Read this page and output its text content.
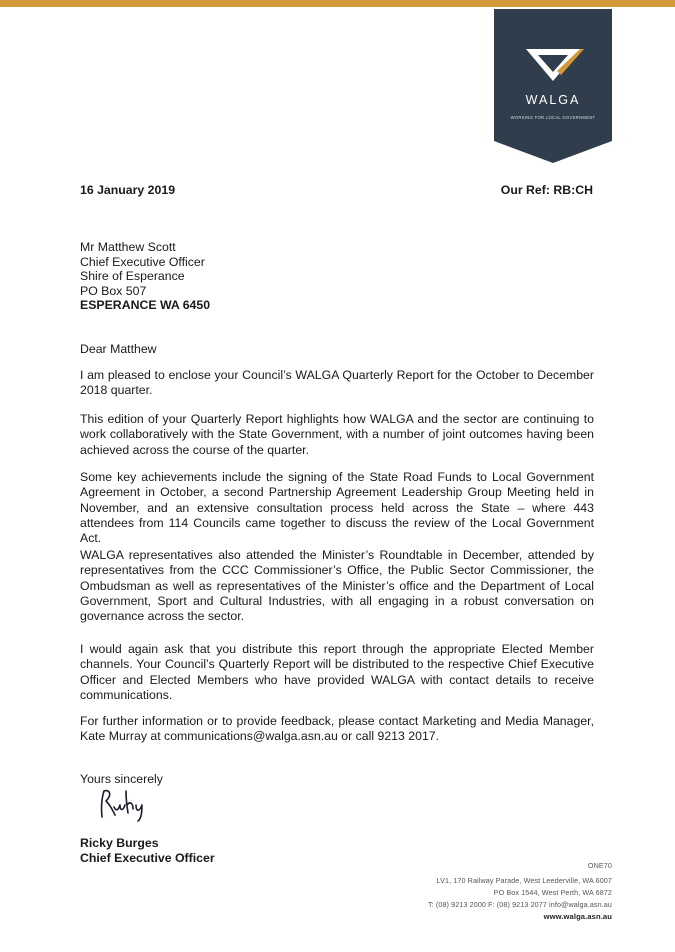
WALGA
WORKING FOR LOCAL GOVERNMENT
16 January 2019	Our Ref: RB:CH
Mr Matthew Scott
Chief Executive Officer
Shire of Esperance
PO Box 507
ESPERANCE WA 6450

Dear Matthew

I am pleased to enclose your Council’s WALGA Quarterly Report for the October to December 2018 quarter.

This edition of your Quarterly Report highlights how WALGA and the sector are continuing to work collaboratively with the State Government, with a number of joint outcomes having been achieved across the course of the quarter.

Some key achievements include the signing of the State Road Funds to Local Government Agreement in October, a second Partnership Agreement Leadership Group Meeting held in November, and an extensive consultation process held across the State – where 443 attendees from 114 Councils came together to discuss the review of the Local Government Act.

WALGA representatives also attended the Minister’s Roundtable in December, attended by representatives from the CCC Commissioner’s Office, the Public Sector Commissioner, the Ombudsman as well as representatives of the Minister’s office and the Department of Local Government, Sport and Cultural Industries, with all engaging in a robust conversation on governance across the sector.

I would again ask that you distribute this report through the appropriate Elected Member channels. Your Council’s Quarterly Report will be distributed to the respective Chief Executive Officer and Elected Members who have provided WALGA with contact details to receive communications.

For further information or to provide feedback, please contact Marketing and Media Manager, Kate Murray at communications@walga.asn.au or call 9213 2017.

Yours sincerely

Ricky Burges
Chief Executive Officer
ONE70
LV1, 170 Railway Parade, West Leederville, WA 6007
PO Box 1544, West Perth, WA 6872
T: (08) 9213 2000 F: (08) 9213 2077 info@walga.asn.au
www.walga.asn.au
